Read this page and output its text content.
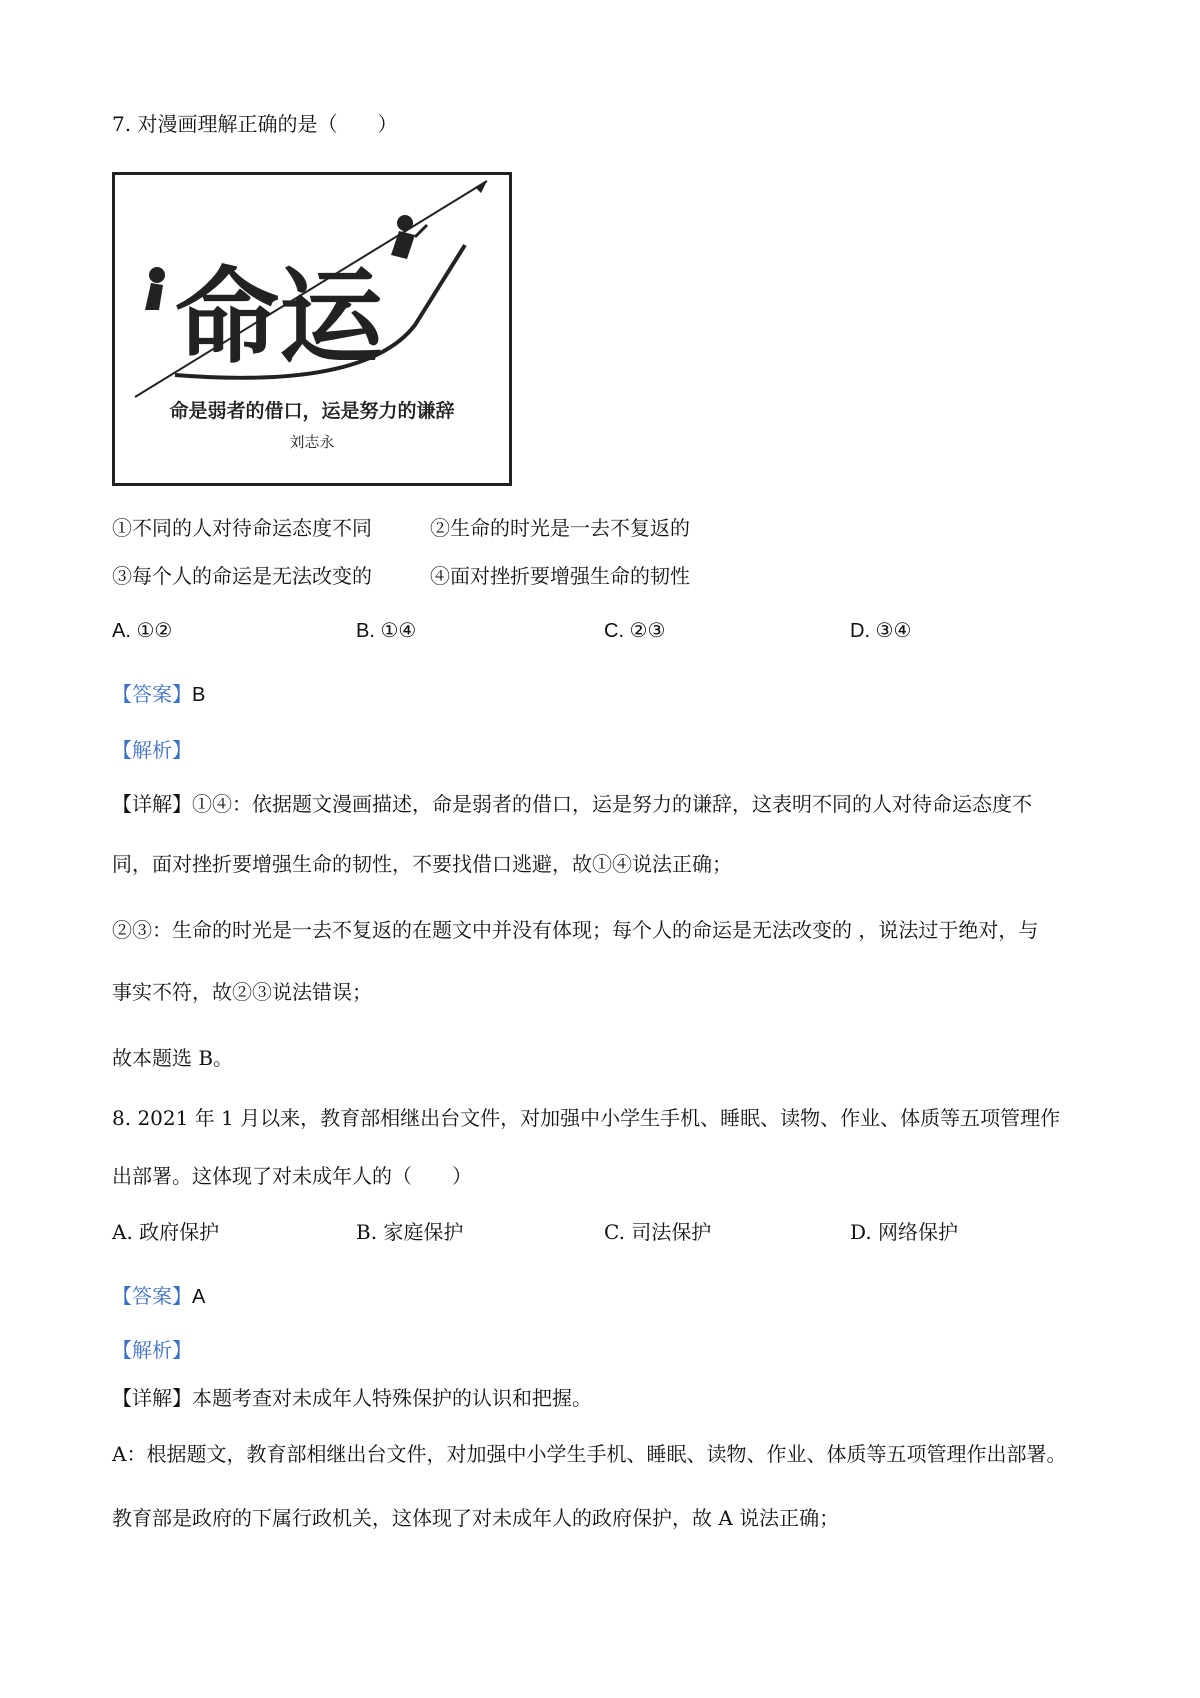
7. 对漫画理解正确的是（　　）
命运
命是弱者的借口，运是努力的谦辞
刘志永
①不同的人对待命运态度不同	②生命的时光是一去不复返的
③每个人的命运是无法改变的	④面对挫折要增强生命的韧性
A. ①②	B. ①④	C. ②③	D. ③④
【答案】B
【解析】
【详解】①④：依据题文漫画描述，命是弱者的借口，运是努力的谦辞，这表明不同的人对待命运态度不
同，面对挫折要增强生命的韧性，不要找借口逃避，故①④说法正确；
②③：生命的时光是一去不复返的在题文中并没有体现；每个人的命运是无法改变的 ，说法过于绝对，与
事实不符，故②③说法错误；
故本题选 B。
8. 2021 年 1 月以来，教育部相继出台文件，对加强中小学生手机、睡眠、读物、作业、体质等五项管理作
出部署。这体现了对未成年人的（　　）
A. 政府保护	B. 家庭保护	C. 司法保护	D. 网络保护
【答案】A
【解析】
【详解】本题考查对未成年人特殊保护的认识和把握。
A：根据题文，教育部相继出台文件，对加强中小学生手机、睡眠、读物、作业、体质等五项管理作出部署。
教育部是政府的下属行政机关，这体现了对未成年人的政府保护，故 A 说法正确；
